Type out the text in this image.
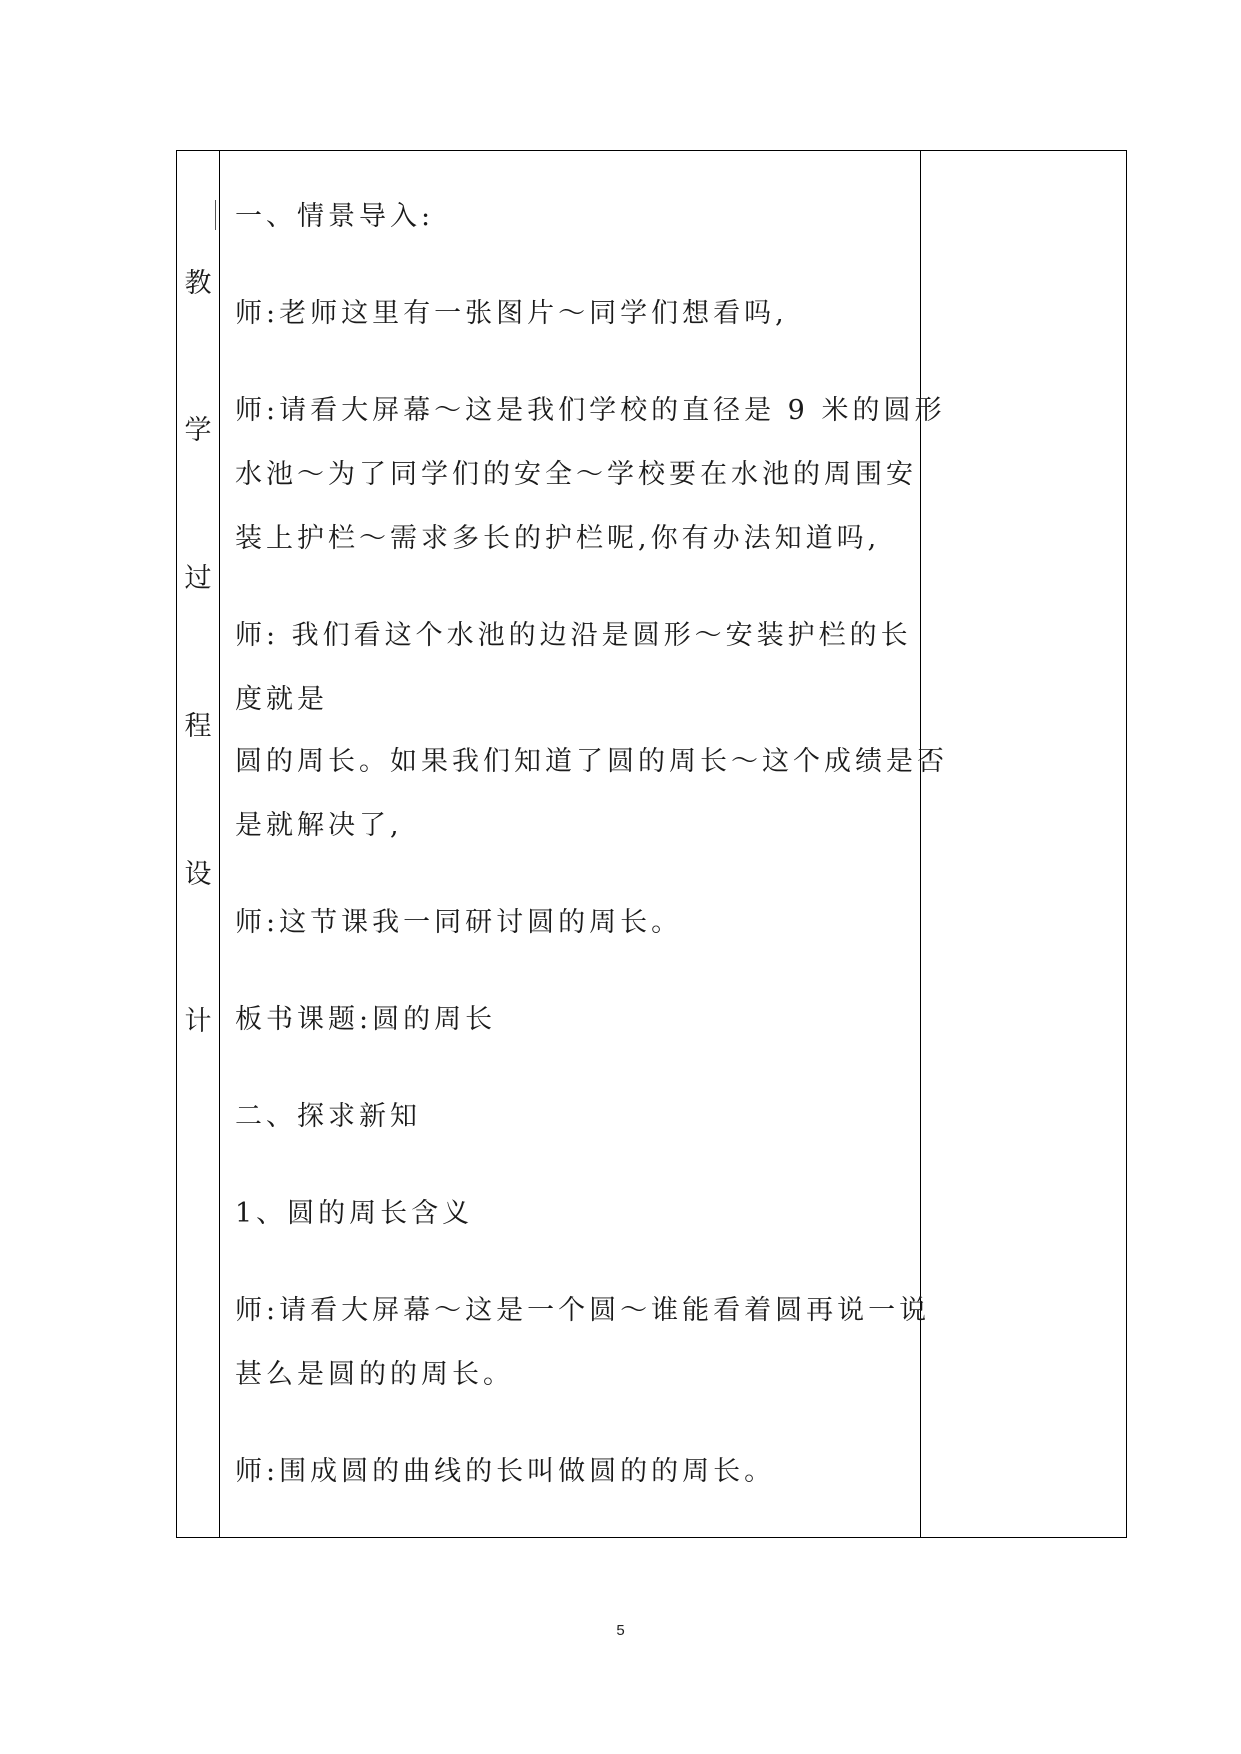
教
学
过
程
设
计
一、情景导入:
师:老师这里有一张图片～同学们想看吗,
师:请看大屏幕～这是我们学校的直径是 9 米的圆形
水池～为了同学们的安全～学校要在水池的周围安
装上护栏～需求多长的护栏呢,你有办法知道吗,
师: 我们看这个水池的边沿是圆形～安装护栏的长
度就是
圆的周长。如果我们知道了圆的周长～这个成绩是否
是就解决了,
师:这节课我一同研讨圆的周长。
板书课题:圆的周长
二、探求新知
1、圆的周长含义
师:请看大屏幕～这是一个圆～谁能看着圆再说一说
甚么是圆的的周长。
师:围成圆的曲线的长叫做圆的的周长。
5
